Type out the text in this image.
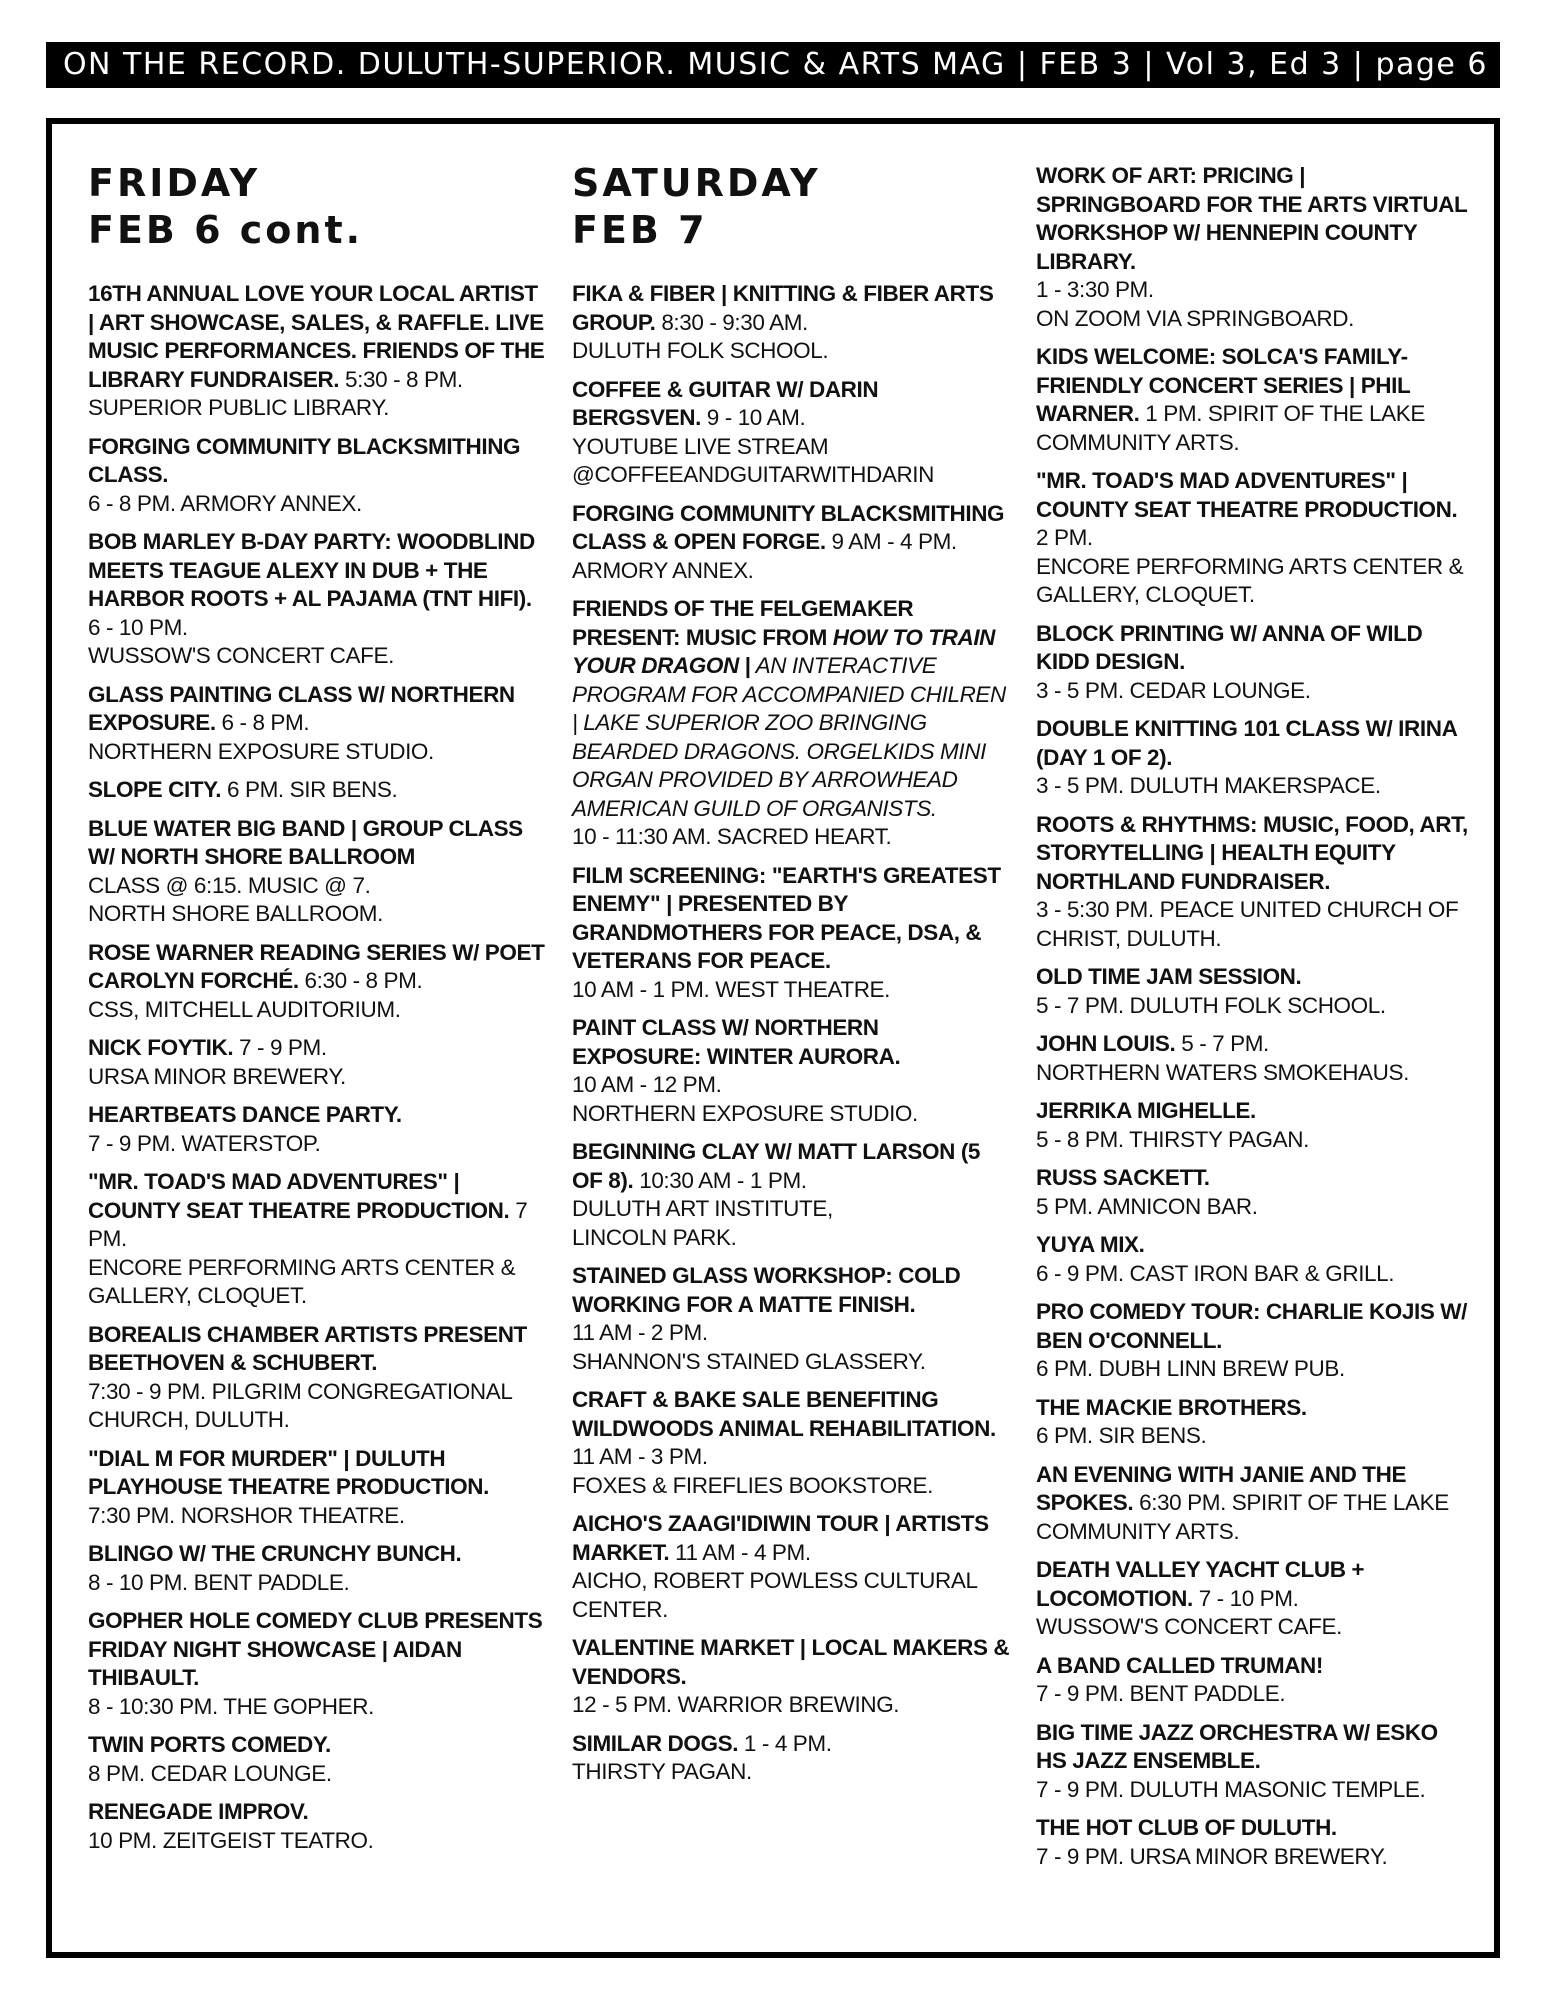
ON THE RECORD. DULUTH-SUPERIOR. MUSIC & ARTS MAG | FEB 3 | Vol 3, Ed 3 | page 6
FRIDAY
FEB 6 cont.
16TH ANNUAL LOVE YOUR LOCAL ARTIST | ART SHOWCASE, SALES, & RAFFLE. LIVE MUSIC PERFORMANCES. FRIENDS OF THE LIBRARY FUNDRAISER. 5:30 - 8 PM.
SUPERIOR PUBLIC LIBRARY.
FORGING COMMUNITY BLACKSMITHING CLASS.
6 - 8 PM. ARMORY ANNEX.
BOB MARLEY B-DAY PARTY: WOODBLIND MEETS TEAGUE ALEXY IN DUB + THE HARBOR ROOTS + AL PAJAMA (TNT HIFI). 6 - 10 PM.
WUSSOW'S CONCERT CAFE.
GLASS PAINTING CLASS W/ NORTHERN EXPOSURE. 6 - 8 PM.
NORTHERN EXPOSURE STUDIO.
SLOPE CITY. 6 PM. SIR BENS.
BLUE WATER BIG BAND | GROUP CLASS W/ NORTH SHORE BALLROOM
CLASS @ 6:15. MUSIC @ 7.
NORTH SHORE BALLROOM.
ROSE WARNER READING SERIES W/ POET CAROLYN FORCHÉ. 6:30 - 8 PM.
CSS, MITCHELL AUDITORIUM.
NICK FOYTIK. 7 - 9 PM.
URSA MINOR BREWERY.
HEARTBEATS DANCE PARTY.
7 - 9 PM. WATERSTOP.
"MR. TOAD'S MAD ADVENTURES" | COUNTY SEAT THEATRE PRODUCTION. 7 PM.
ENCORE PERFORMING ARTS CENTER & GALLERY, CLOQUET.
BOREALIS CHAMBER ARTISTS PRESENT BEETHOVEN & SCHUBERT.
7:30 - 9 PM. PILGRIM CONGREGATIONAL CHURCH, DULUTH.
"DIAL M FOR MURDER" | DULUTH PLAYHOUSE THEATRE PRODUCTION.
7:30 PM. NORSHOR THEATRE.
BLINGO W/ THE CRUNCHY BUNCH.
8 - 10 PM. BENT PADDLE.
GOPHER HOLE COMEDY CLUB PRESENTS FRIDAY NIGHT SHOWCASE | AIDAN THIBAULT.
8 - 10:30 PM. THE GOPHER.
TWIN PORTS COMEDY.
8 PM. CEDAR LOUNGE.
RENEGADE IMPROV.
10 PM. ZEITGEIST TEATRO.
SATURDAY
FEB 7
FIKA & FIBER | KNITTING & FIBER ARTS GROUP. 8:30 - 9:30 AM.
DULUTH FOLK SCHOOL.
COFFEE & GUITAR W/ DARIN BERGSVEN. 9 - 10 AM.
YOUTUBE LIVE STREAM
@COFFEEANDGUITARWITHDARIN
FORGING COMMUNITY BLACKSMITHING CLASS & OPEN FORGE. 9 AM - 4 PM.
ARMORY ANNEX.
FRIENDS OF THE FELGEMAKER PRESENT: MUSIC FROM HOW TO TRAIN YOUR DRAGON | AN INTERACTIVE PROGRAM FOR ACCOMPANIED CHILREN | LAKE SUPERIOR ZOO BRINGING BEARDED DRAGONS. ORGELKIDS MINI ORGAN PROVIDED BY ARROWHEAD AMERICAN GUILD OF ORGANISTS.
10 - 11:30 AM. SACRED HEART.
FILM SCREENING: "EARTH'S GREATEST ENEMY" | PRESENTED BY GRANDMOTHERS FOR PEACE, DSA, & VETERANS FOR PEACE.
10 AM - 1 PM. WEST THEATRE.
PAINT CLASS W/ NORTHERN EXPOSURE: WINTER AURORA.
10 AM - 12 PM.
NORTHERN EXPOSURE STUDIO.
BEGINNING CLAY W/ MATT LARSON (5 OF 8). 10:30 AM - 1 PM.
DULUTH ART INSTITUTE,
LINCOLN PARK.
STAINED GLASS WORKSHOP: COLD WORKING FOR A MATTE FINISH.
11 AM - 2 PM.
SHANNON'S STAINED GLASSERY.
CRAFT & BAKE SALE BENEFITING WILDWOODS ANIMAL REHABILITATION. 11 AM - 3 PM.
FOXES & FIREFLIES BOOKSTORE.
AICHO'S ZAAGI'IDIWIN TOUR | ARTISTS MARKET. 11 AM - 4 PM.
AICHO, ROBERT POWLESS CULTURAL CENTER.
VALENTINE MARKET | LOCAL MAKERS & VENDORS.
12 - 5 PM. WARRIOR BREWING.
SIMILAR DOGS. 1 - 4 PM.
THIRSTY PAGAN.
WORK OF ART: PRICING | SPRINGBOARD FOR THE ARTS VIRTUAL WORKSHOP W/ HENNEPIN COUNTY LIBRARY.
1 - 3:30 PM.
ON ZOOM VIA SPRINGBOARD.
KIDS WELCOME: SOLCA'S FAMILY-FRIENDLY CONCERT SERIES | PHIL WARNER. 1 PM. SPIRIT OF THE LAKE COMMUNITY ARTS.
"MR. TOAD'S MAD ADVENTURES" | COUNTY SEAT THEATRE PRODUCTION. 2 PM.
ENCORE PERFORMING ARTS CENTER & GALLERY, CLOQUET.
BLOCK PRINTING W/ ANNA OF WILD KIDD DESIGN.
3 - 5 PM. CEDAR LOUNGE.
DOUBLE KNITTING 101 CLASS W/ IRINA (DAY 1 OF 2).
3 - 5 PM. DULUTH MAKERSPACE.
ROOTS & RHYTHMS: MUSIC, FOOD, ART, STORYTELLING | HEALTH EQUITY NORTHLAND FUNDRAISER.
3 - 5:30 PM. PEACE UNITED CHURCH OF CHRIST, DULUTH.
OLD TIME JAM SESSION.
5 - 7 PM. DULUTH FOLK SCHOOL.
JOHN LOUIS. 5 - 7 PM.
NORTHERN WATERS SMOKEHAUS.
JERRIKA MIGHELLE.
5 - 8 PM. THIRSTY PAGAN.
RUSS SACKETT.
5 PM. AMNICON BAR.
YUYA MIX.
6 - 9 PM. CAST IRON BAR & GRILL.
PRO COMEDY TOUR: CHARLIE KOJIS W/ BEN O'CONNELL.
6 PM. DUBH LINN BREW PUB.
THE MACKIE BROTHERS.
6 PM. SIR BENS.
AN EVENING WITH JANIE AND THE SPOKES. 6:30 PM. SPIRIT OF THE LAKE COMMUNITY ARTS.
DEATH VALLEY YACHT CLUB + LOCOMOTION. 7 - 10 PM.
WUSSOW'S CONCERT CAFE.
A BAND CALLED TRUMAN!
7 - 9 PM. BENT PADDLE.
BIG TIME JAZZ ORCHESTRA W/ ESKO HS JAZZ ENSEMBLE.
7 - 9 PM. DULUTH MASONIC TEMPLE.
THE HOT CLUB OF DULUTH.
7 - 9 PM. URSA MINOR BREWERY.
